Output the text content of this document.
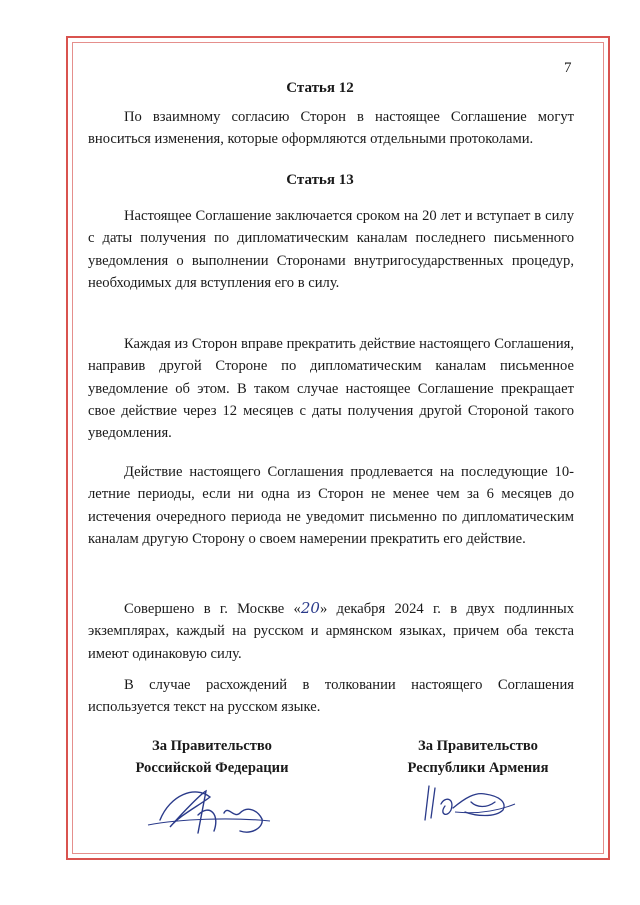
7
Статья 12

По взаимному согласию Сторон в настоящее Соглашение могут вноситься изменения, которые оформляются отдельными протоколами.

Статья 13

Настоящее Соглашение заключается сроком на 20 лет и вступает в силу с даты получения по дипломатическим каналам последнего письменного уведомления о выполнении Сторонами внутригосударственных процедур, необходимых для вступления его в силу.

Каждая из Сторон вправе прекратить действие настоящего Соглашения, направив другой Стороне по дипломатическим каналам письменное уведомление об этом. В таком случае настоящее Соглашение прекращает свое действие через 12 месяцев с даты получения другой Стороной такого уведомления.

Действие настоящего Соглашения продлевается на последующие 10-летние периоды, если ни одна из Сторон не менее чем за 6 месяцев до истечения очередного периода не уведомит письменно по дипломатическим каналам другую Сторону о своем намерении прекратить его действие.

Совершено в г. Москве «20» декабря 2024 г. в двух подлинных экземплярах, каждый на русском и армянском языках, причем оба текста имеют одинаковую силу.

В случае расхождений в толковании настоящего Соглашения используется текст на русском языке.

За Правительство
Российской Федерации
За Правительство
Республики Армения
